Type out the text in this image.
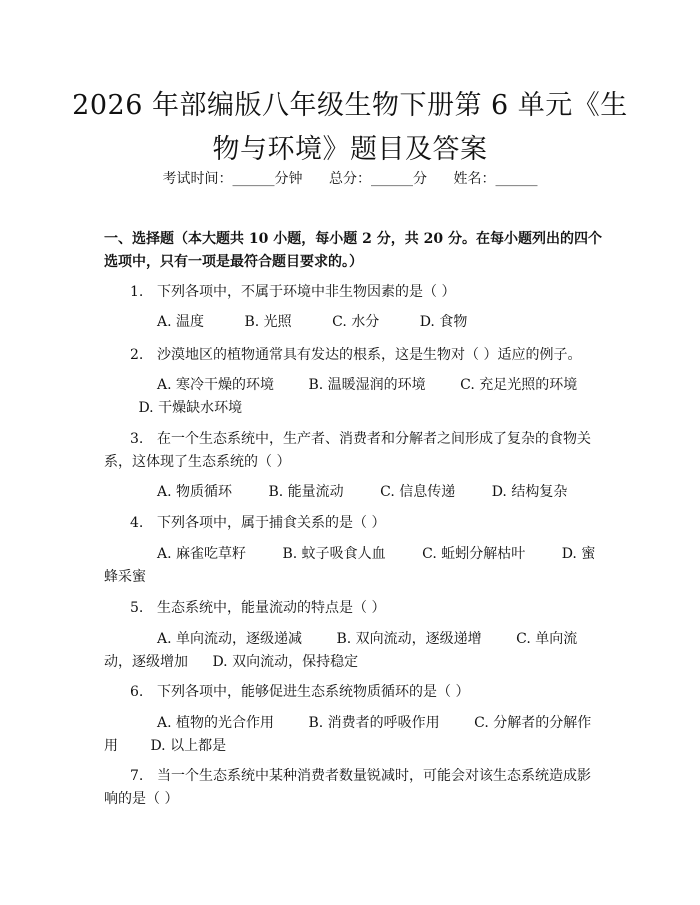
2026 年部编版八年级生物下册第 6 单元《生
物与环境》题目及答案
考试时间：______分钟 总分：______分 姓名：______
一、选择题（本大题共 10 小题，每小题 2 分，共 20 分。在每小题列出的四个选项中，只有一项是最符合题目要求的。）
1. 下列各项中，不属于环境中非生物因素的是（ ）
A. 温度	B. 光照	C. 水分	D. 食物
2. 沙漠地区的植物通常具有发达的根系，这是生物对（ ）适应的例子。
A. 寒冷干燥的环境 B. 温暖湿润的环境 C. 充足光照的环境 D. 干燥缺水环境
3. 在一个生态系统中，生产者、消费者和分解者之间形成了复杂的食物关系，这体现了生态系统的（ ）
A. 物质循环	B. 能量流动	C. 信息传递	D. 结构复杂
4. 下列各项中，属于捕食关系的是（ ）
A. 麻雀吃草籽	B. 蚊子吸食人血	C. 蚯蚓分解枯叶	D. 蜜蜂采蜜
5. 生态系统中，能量流动的特点是（ ）
A. 单向流动，逐级递减 B. 双向流动，逐级递增 C. 单向流动，逐级增加 D. 双向流动，保持稳定
6. 下列各项中，能够促进生态系统物质循环的是（ ）
A. 植物的光合作用 B. 消费者的呼吸作用 C. 分解者的分解作用 D. 以上都是
7. 当一个生态系统中某种消费者数量锐减时，可能会对该生态系统造成影响的是（ ）
